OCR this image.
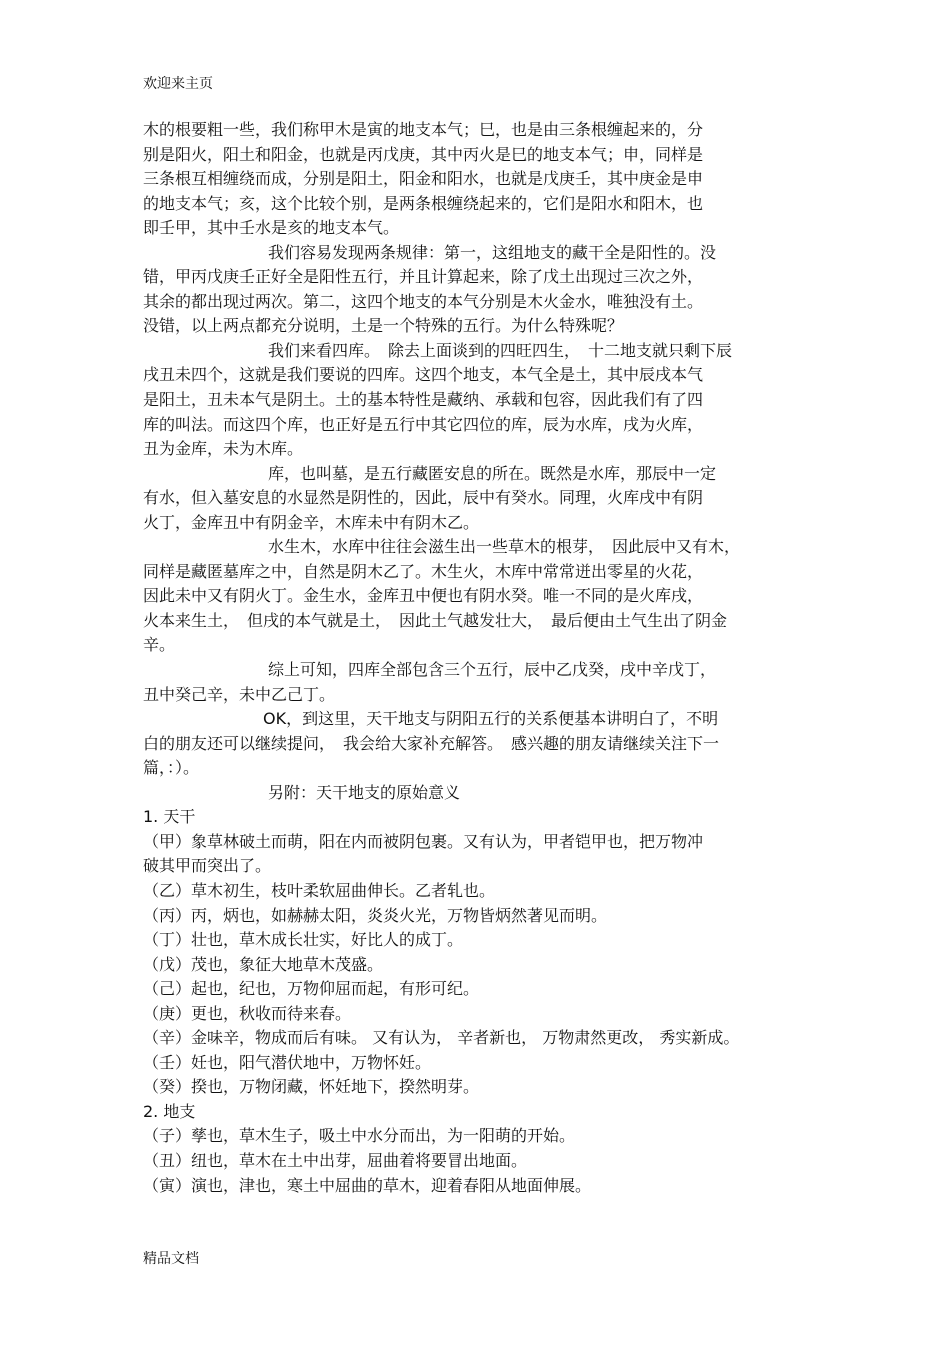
欢迎来主页
木的根要粗一些，我们称甲木是寅的地支本气；巳，也是由三条根缠起来的，分
别是阳火，阳土和阳金，也就是丙戊庚，其中丙火是巳的地支本气；申，同样是
三条根互相缠绕而成，分别是阳土，阳金和阳水，也就是戊庚壬，其中庚金是申
的地支本气；亥，这个比较个别，是两条根缠绕起来的，它们是阳水和阳木，也
即壬甲，其中壬水是亥的地支本气。
我们容易发现两条规律：第一，这组地支的藏干全是阳性的。没
错，甲丙戊庚壬正好全是阳性五行，并且计算起来，除了戊土出现过三次之外，
其余的都出现过两次。第二，这四个地支的本气分别是木火金水，唯独没有土。
没错，以上两点都充分说明，土是一个特殊的五行。为什么特殊呢？
我们来看四库。　除去上面谈到的四旺四生，　十二地支就只剩下辰
戌丑未四个，这就是我们要说的四库。这四个地支，本气全是土，其中辰戌本气
是阳土，丑未本气是阴土。土的基本特性是藏纳、承载和包容，因此我们有了四
库的叫法。而这四个库，也正好是五行中其它四位的库，辰为水库，戌为火库，
丑为金库，未为木库。
库，也叫墓，是五行藏匿安息的所在。既然是水库，那辰中一定
有水，但入墓安息的水显然是阴性的，因此，辰中有癸水。同理，火库戌中有阴
火丁，金库丑中有阴金辛，木库未中有阴木乙。
水生木，水库中往往会滋生出一些草木的根芽，　因此辰中又有木，
同样是藏匿墓库之中，自然是阴木乙了。木生火，木库中常常迸出零星的火花，
因此未中又有阴火丁。金生水，金库丑中便也有阴水癸。唯一不同的是火库戌，
火本来生土，　但戌的本气就是土，　因此土气越发壮大，　最后便由土气生出了阴金
辛。
综上可知，四库全部包含三个五行，辰中乙戊癸，戌中辛戊丁，
丑中癸己辛，未中乙己丁。
OK，到这里，天干地支与阴阳五行的关系便基本讲明白了，不明
白的朋友还可以继续提问，　我会给大家补充解答。　感兴趣的朋友请继续关注下一
篇，：）。
另附：天干地支的原始意义
1. 天干
（甲）象草林破土而萌，阳在内而被阴包裹。又有认为，甲者铠甲也，把万物冲
破其甲而突出了。
（乙）草木初生，枝叶柔软屈曲伸长。乙者轧也。
（丙）丙，炳也，如赫赫太阳，炎炎火光，万物皆炳然著见而明。
（丁）壮也，草木成长壮实，好比人的成丁。
（戊）茂也，象征大地草木茂盛。
（己）起也，纪也，万物仰屈而起，有形可纪。
（庚）更也，秋收而待来春。
（辛）金味辛，物成而后有味。 又有认为， 辛者新也， 万物肃然更改， 秀实新成。
（壬）妊也，阳气潜伏地中，万物怀妊。
（癸）揆也，万物闭藏，怀妊地下，揆然明芽。
2. 地支
（子）孳也，草木生子，吸土中水分而出，为一阳萌的开始。
（丑）纽也，草木在土中出芽，屈曲着将要冒出地面。
（寅）演也，津也，寒土中屈曲的草木，迎着春阳从地面伸展。
精品文档
